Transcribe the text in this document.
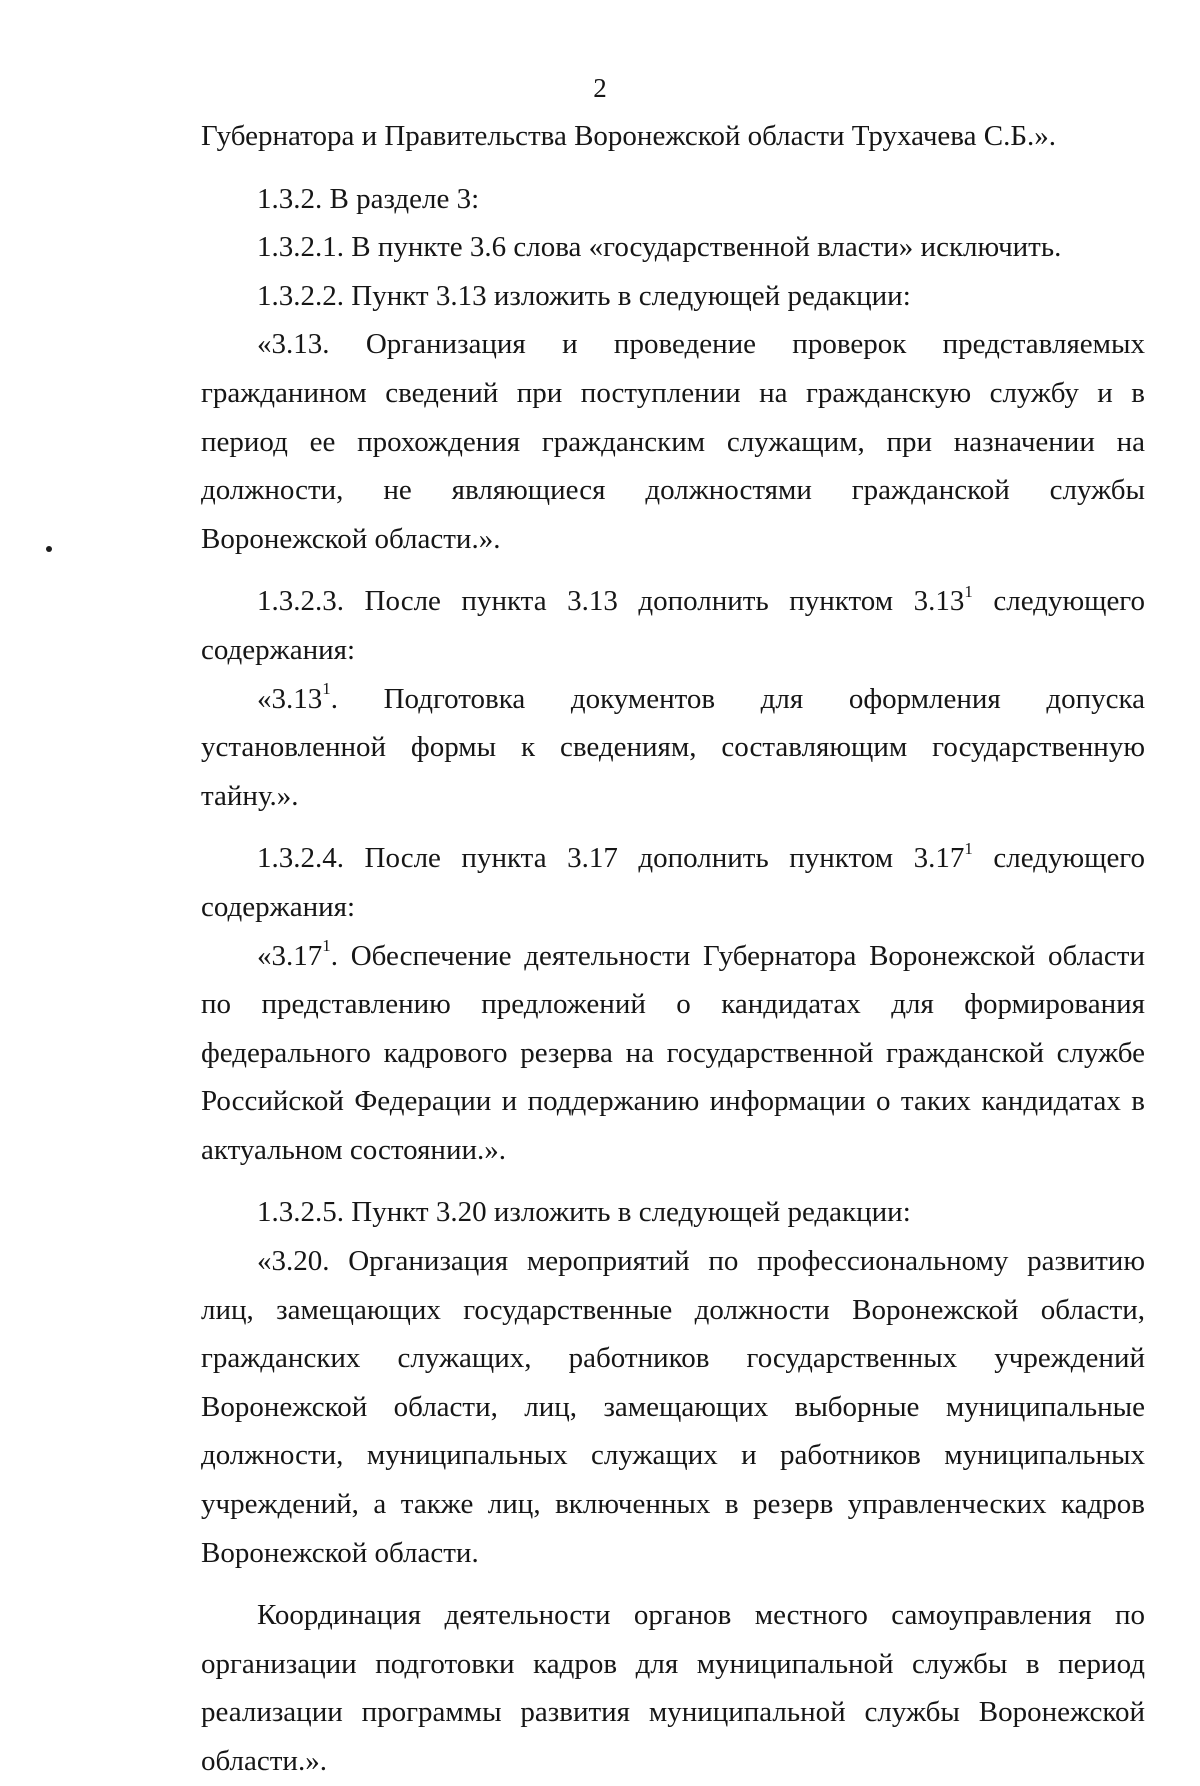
2

Губернатора и Правительства Воронежской области Трухачева С.Б.».

1.3.2. В разделе 3:

1.3.2.1. В пункте 3.6 слова «государственной власти» исключить.

1.3.2.2. Пункт 3.13 изложить в следующей редакции:

«3.13. Организация и проведение проверок представляемых гражданином сведений при поступлении на гражданскую службу и в период ее прохождения гражданским служащим, при назначении на должности, не являющиеся должностями гражданской службы Воронежской области.».

1.3.2.3. После пункта 3.13 дополнить пунктом 3.13$^1$ следующего содержания:

«3.13$^1$. Подготовка документов для оформления допуска установленной формы к сведениям, составляющим государственную тайну.».

1.3.2.4. После пункта 3.17 дополнить пунктом 3.17$^1$ следующего содержания:

«3.17$^1$. Обеспечение деятельности Губернатора Воронежской области по представлению предложений о кандидатах для формирования федерального кадрового резерва на государственной гражданской службе Российской Федерации и поддержанию информации о таких кандидатах в актуальном состоянии.».

1.3.2.5. Пункт 3.20 изложить в следующей редакции:

«3.20. Организация мероприятий по профессиональному развитию лиц, замещающих государственные должности Воронежской области, гражданских служащих, работников государственных учреждений Воронежской области, лиц, замещающих выборные муниципальные должности, муниципальных служащих и работников муниципальных учреждений, а также лиц, включенных в резерв управленческих кадров Воронежской области.

Координация деятельности органов местного самоуправления по организации подготовки кадров для муниципальной службы в период реализации программы развития муниципальной службы Воронежской области.».
